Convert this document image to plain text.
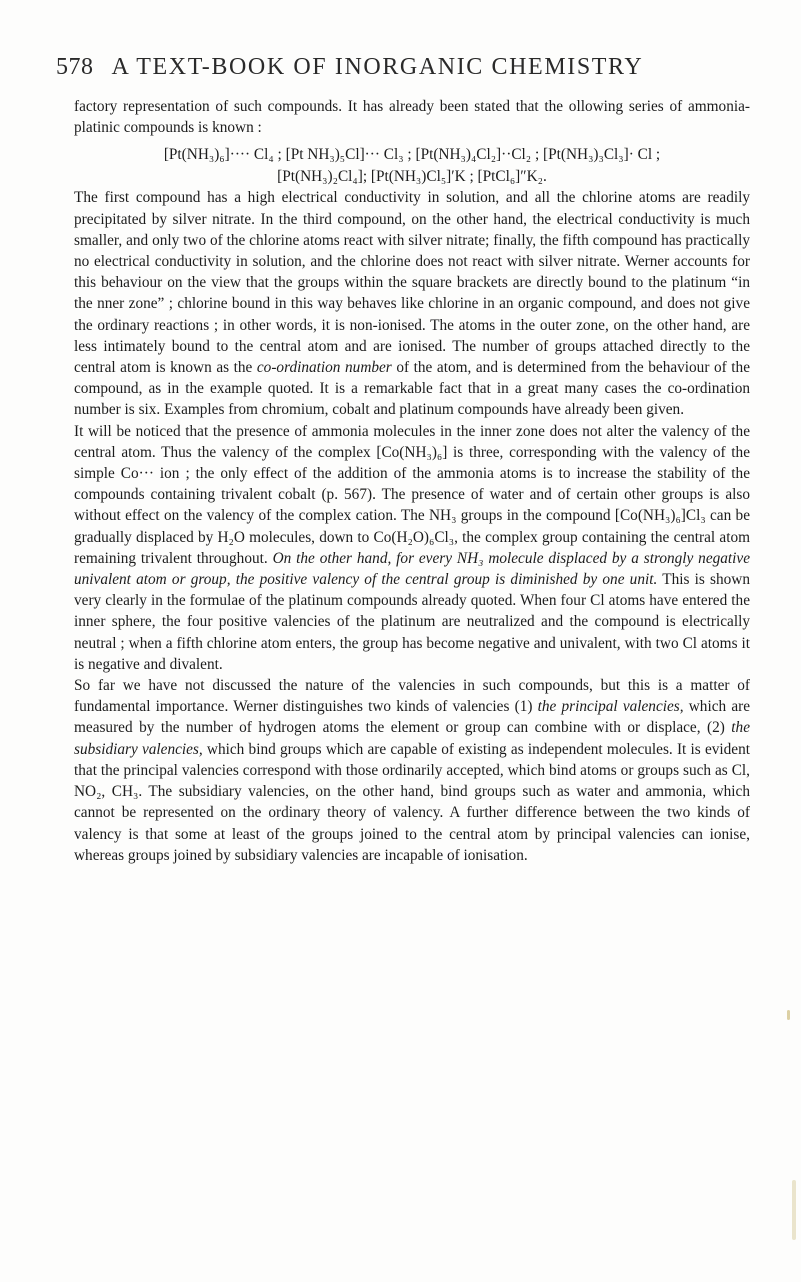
578 A TEXT-BOOK OF INORGANIC CHEMISTRY

factory representation of such compounds. It has already been stated that the ollowing series of ammonia-platinic compounds is known :

[Pt(NH₃)₆]···· Cl₄ ; [Pt NH₃)₅Cl]··· Cl₃ ; [Pt(NH₃)₄Cl₂]··Cl₂ ; [Pt(NH₃)₃Cl₃]· Cl ;
[Pt(NH₃)₂Cl₄]; [Pt(NH₃)Cl₅]′K ; [PtCl₆]″K₂.

The first compound has a high electrical conductivity in solution, and all the chlorine atoms are readily precipitated by silver nitrate. In the third compound, on the other hand, the electrical conductivity is much smaller, and only two of the chlorine atoms react with silver nitrate; finally, the fifth compound has practically no electrical conductivity in solution, and the chlorine does not react with silver nitrate. Werner accounts for this behaviour on the view that the groups within the square brackets are directly bound to the platinum “in the nner zone” ; chlorine bound in this way behaves like chlorine in an organic compound, and does not give the ordinary reactions ; in other words, it is non-ionised. The atoms in the outer zone, on the other hand, are less intimately bound to the central atom and are ionised. The number of groups attached directly to the central atom is known as the co-ordination number of the atom, and is determined from the behaviour of the compound, as in the example quoted. It is a remarkable fact that in a great many cases the co-ordination number is six. Examples from chromium, cobalt and platinum compounds have already been given.

It will be noticed that the presence of ammonia molecules in the inner zone does not alter the valency of the central atom. Thus the valency of the complex [Co(NH₃)₆] is three, corresponding with the valency of the simple Co··· ion ; the only effect of the addition of the ammonia atoms is to increase the stability of the compounds containing trivalent cobalt (p. 567). The presence of water and of certain other groups is also without effect on the valency of the complex cation. The NH₃ groups in the compound [Co(NH₃)₆]Cl₃ can be gradually displaced by H₂O molecules, down to Co(H₂O)₆Cl₃, the complex group containing the central atom remaining trivalent throughout. On the other hand, for every NH₃ molecule displaced by a strongly negative univalent atom or group, the positive valency of the central group is diminished by one unit. This is shown very clearly in the formulae of the platinum compounds already quoted. When four Cl atoms have entered the inner sphere, the four positive valencies of the platinum are neutralized and the compound is electrically neutral ; when a fifth chlorine atom enters, the group has become negative and univalent, with two Cl atoms it is negative and divalent.

So far we have not discussed the nature of the valencies in such compounds, but this is a matter of fundamental importance. Werner distinguishes two kinds of valencies (1) the principal valencies, which are measured by the number of hydrogen atoms the element or group can combine with or displace, (2) the subsidiary valencies, which bind groups which are capable of existing as independent molecules. It is evident that the principal valencies correspond with those ordinarily accepted, which bind atoms or groups such as Cl, NO₂, CH₃. The subsidiary valencies, on the other hand, bind groups such as water and ammonia, which cannot be represented on the ordinary theory of valency. A further difference between the two kinds of valency is that some at least of the groups joined to the central atom by principal valencies can ionise, whereas groups joined by subsidiary valencies are incapable of ionisation.
